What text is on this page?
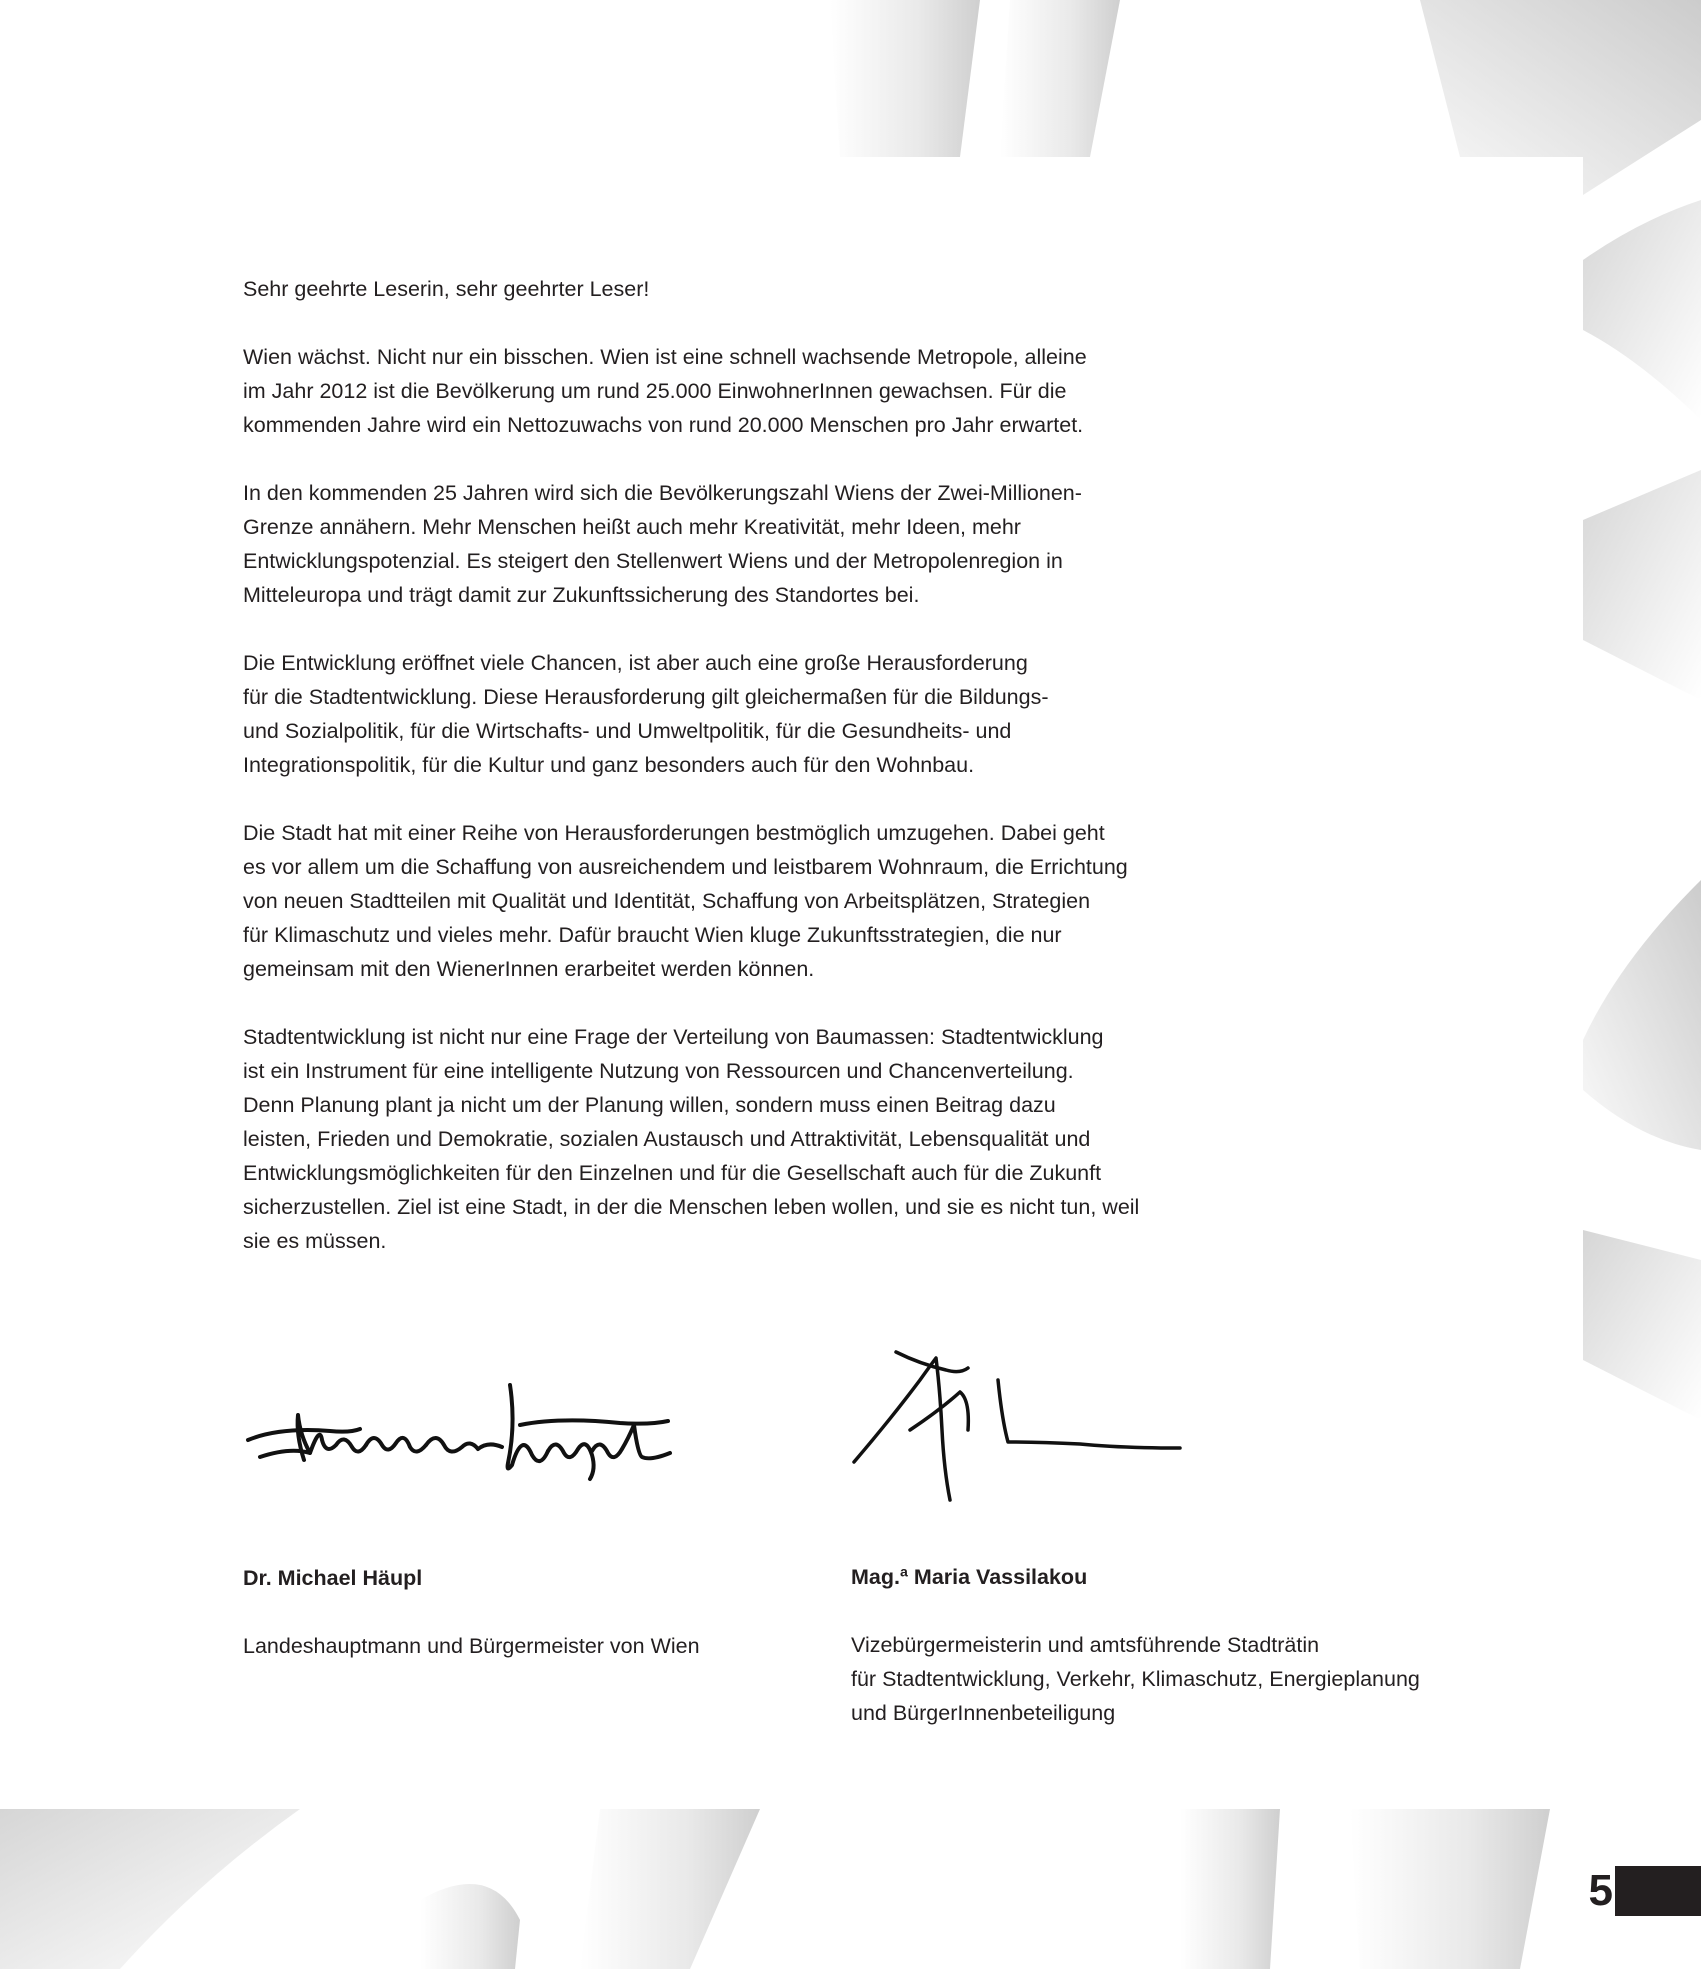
Sehr geehrte Leserin, sehr geehrter Leser!

Wien wächst. Nicht nur ein bisschen. Wien ist eine schnell wachsende Metropole, alleine
im Jahr 2012 ist die Bevölkerung um rund 25.000 EinwohnerInnen gewachsen. Für die
kommenden Jahre wird ein Nettozuwachs von rund 20.000 Menschen pro Jahr erwartet.

In den kommenden 25 Jahren wird sich die Bevölkerungszahl Wiens der Zwei-Millionen-
Grenze annähern. Mehr Menschen heißt auch mehr Kreativität, mehr Ideen, mehr
Entwicklungspotenzial. Es steigert den Stellenwert Wiens und der Metropolenregion in
Mitteleuropa und trägt damit zur Zukunftssicherung des Standortes bei.

Die Entwicklung eröffnet viele Chancen, ist aber auch eine große Herausforderung
für die Stadtentwicklung. Diese Herausforderung gilt gleichermaßen für die Bildungs-
und Sozialpolitik, für die Wirtschafts- und Umweltpolitik, für die Gesundheits- und
Integrationspolitik, für die Kultur und ganz besonders auch für den Wohnbau.

Die Stadt hat mit einer Reihe von Herausforderungen bestmöglich umzugehen. Dabei geht
es vor allem um die Schaffung von ausreichendem und leistbarem Wohnraum, die Errichtung
von neuen Stadtteilen mit Qualität und Identität, Schaffung von Arbeitsplätzen, Strategien
für Klimaschutz und vieles mehr. Dafür braucht Wien kluge Zukunftsstrategien, die nur
gemeinsam mit den WienerInnen erarbeitet werden können.

Stadtentwicklung ist nicht nur eine Frage der Verteilung von Baumassen: Stadtentwicklung
ist ein Instrument für eine intelligente Nutzung von Ressourcen und Chancenverteilung.
Denn Planung plant ja nicht um der Planung willen, sondern muss einen Beitrag dazu
leisten, Frieden und Demokratie, sozialen Austausch und Attraktivität, Lebensqualität und
Entwicklungsmöglichkeiten für den Einzelnen und für die Gesellschaft auch für die Zukunft
sicherzustellen. Ziel ist eine Stadt, in der die Menschen leben wollen, und sie es nicht tun, weil
sie es müssen.

Dr. Michael Häupl

Landeshauptmann und Bürgermeister von Wien

Mag.ª Maria Vassilakou

Vizebürgermeisterin und amtsführende Stadträtin
für Stadtentwicklung, Verkehr, Klimaschutz, Energieplanung
und BürgerInnenbeteiligung

5
